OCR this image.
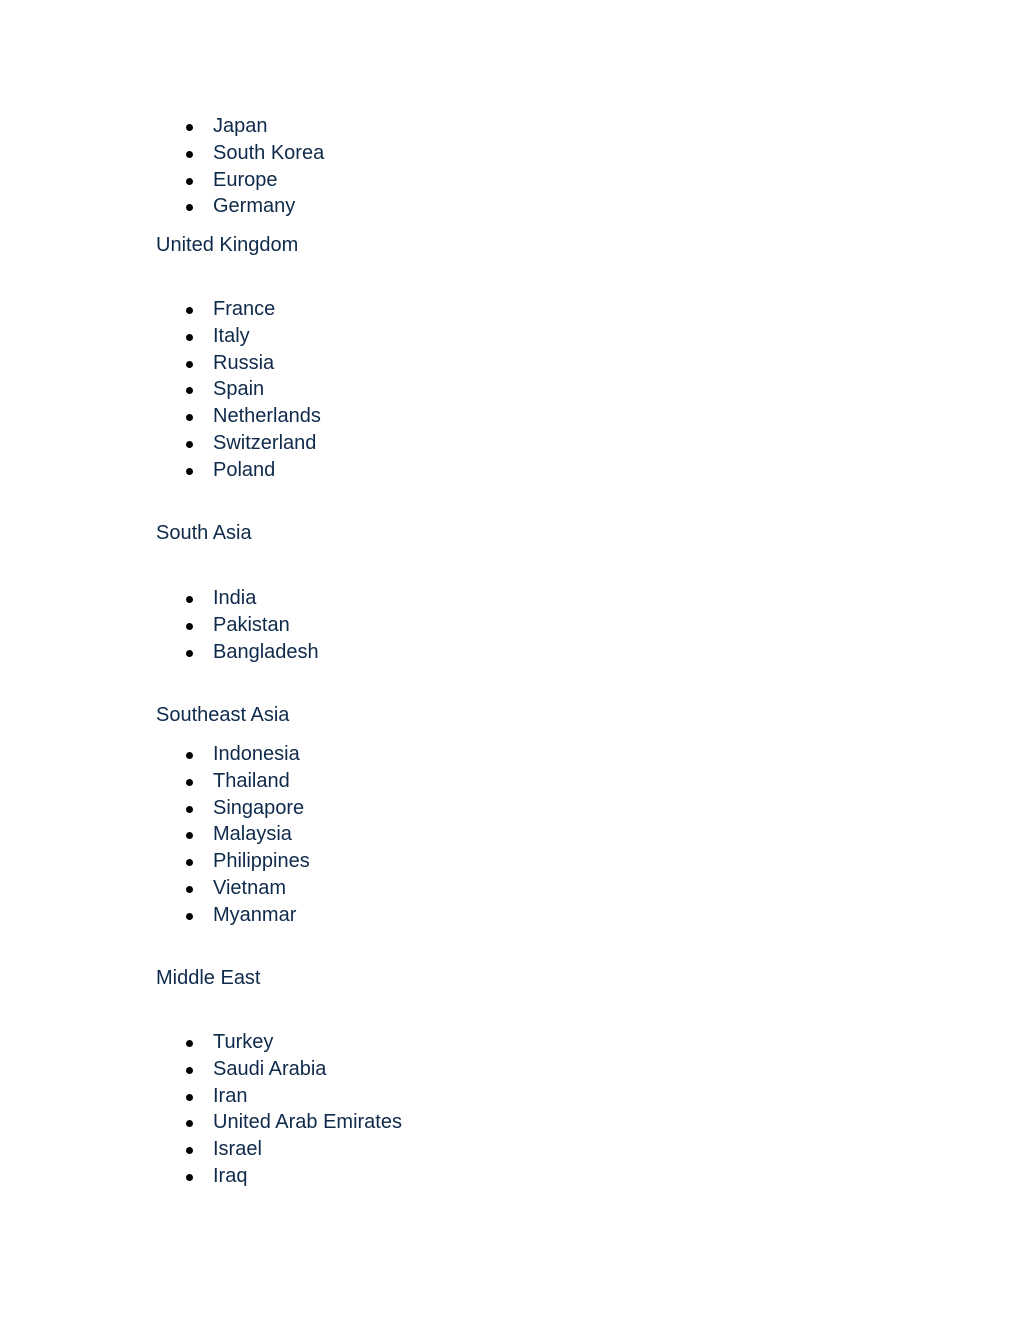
Japan
South Korea
Europe
Germany
United Kingdom
France
Italy
Russia
Spain
Netherlands
Switzerland
Poland
South Asia
India
Pakistan
Bangladesh
Southeast Asia
Indonesia
Thailand
Singapore
Malaysia
Philippines
Vietnam
Myanmar
Middle East
Turkey
Saudi Arabia
Iran
United Arab Emirates
Israel
Iraq
